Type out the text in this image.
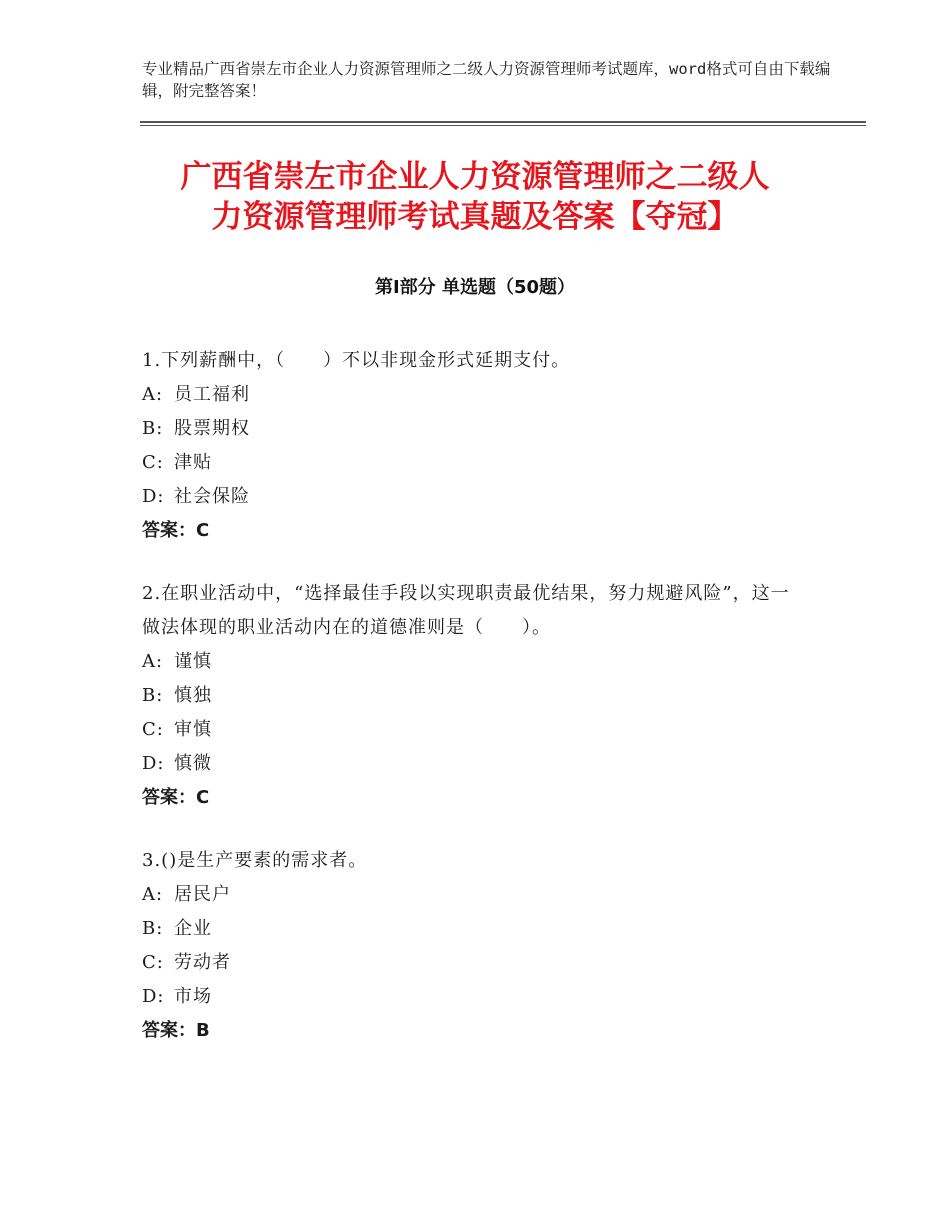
专业精品广西省崇左市企业人力资源管理师之二级人力资源管理师考试题库，word格式可自由下载编辑，附完整答案！
广西省崇左市企业人力资源管理师之二级人
力资源管理师考试真题及答案【夺冠】
第Ⅰ部分 单选题（50题）
1.下列薪酬中，（　　）不以非现金形式延期支付。
A: 员工福利
B: 股票期权
C: 津贴
D: 社会保险
答案：C
2.在职业活动中，“选择最佳手段以实现职责最优结果，努力规避风险”，这一做法体现的职业活动内在的道德准则是（　　）。
A: 谨慎
B: 慎独
C: 审慎
D: 慎微
答案：C
3.()是生产要素的需求者。
A: 居民户
B: 企业
C: 劳动者
D: 市场
答案：B
